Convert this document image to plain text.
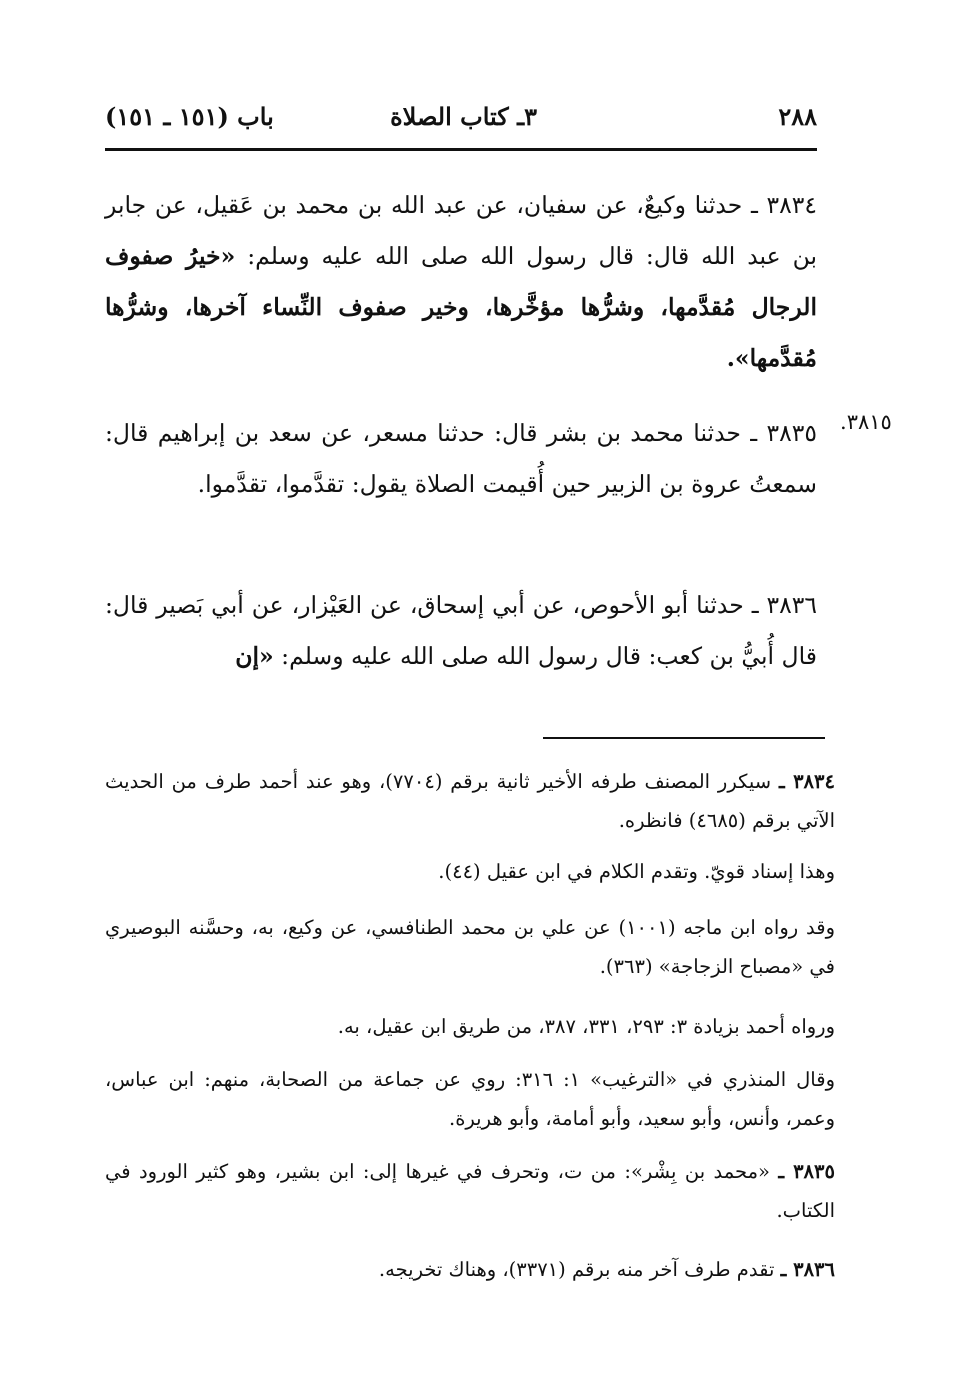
٢٨٨
٣ـ كتاب الصلاة
باب (١٥١ ـ ١٥١)
٣٨٣٤ ـ حدثنا وكيعٌ، عن سفيان، عن عبد الله بن محمد بن عَقيل، عن جابر بن عبد الله قال: قال رسول الله صلى الله عليه وسلم: «خيرُ صفوف الرجال مُقدَّمها، وشرُّها مؤخَّرها، وخير صفوف النِّساء آخرها، وشرُّها مُقدَّمها».
٣٨١٥.
٣٨٣٥ ـ حدثنا محمد بن بشر قال: حدثنا مسعر، عن سعد بن إبراهيم قال: سمعتُ عروة بن الزبير حين أُقيمت الصلاة يقول: تقدَّموا، تقدَّموا.
٣٨٣٦ ـ حدثنا أبو الأحوص، عن أبي إسحاق، عن العَيْزار، عن أبي بَصير قال: قال أُبيُّ بن كعب: قال رسول الله صلى الله عليه وسلم: «إن
٣٨٣٤ ـ سيكرر المصنف طرفه الأخير ثانية برقم (٧٧٠٤)، وهو عند أحمد طرف من الحديث الآتي برقم (٤٦٨٥) فانظره.
وهذا إسناد قويّ. وتقدم الكلام في ابن عقيل (٤٤).
وقد رواه ابن ماجه (١٠٠١) عن علي بن محمد الطنافسي، عن وكيع، به، وحسَّنه البوصيري في «مصباح الزجاجة» (٣٦٣).
ورواه أحمد بزيادة ٣: ٢٩٣، ٣٣١، ٣٨٧، من طريق ابن عقيل، به.
وقال المنذري في «الترغيب» ١: ٣١٦: روي عن جماعة من الصحابة، منهم: ابن عباس، وعمر، وأنس، وأبو سعيد، وأبو أمامة، وأبو هريرة.
٣٨٣٥ ـ «محمد بن بِشْر»: من ت، وتحرف في غيرها إلى: ابن بشير، وهو كثير الورود في الكتاب.
٣٨٣٦ ـ تقدم طرف آخر منه برقم (٣٣٧١)، وهناك تخريجه.
